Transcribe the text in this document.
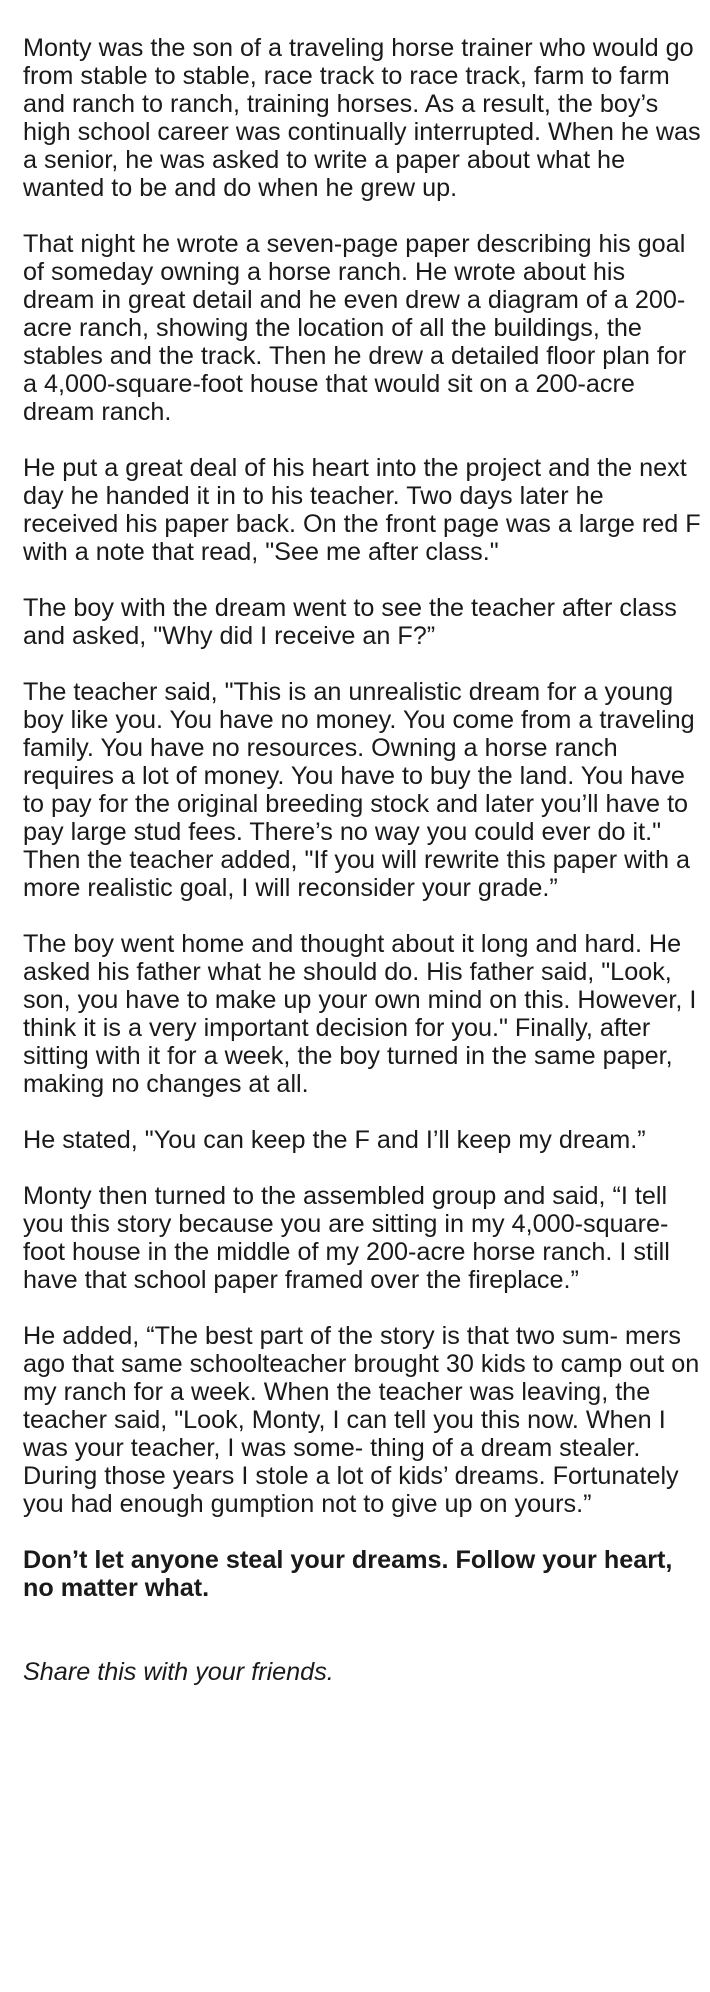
Monty was the son of a traveling horse trainer who would go from stable to stable, race track to race track, farm to farm and ranch to ranch, training horses. As a result, the boy’s high school career was continually interrupted. When he was a senior, he was asked to write a paper about what he wanted to be and do when he grew up.

That night he wrote a seven-page paper describing his goal of someday owning a horse ranch. He wrote about his dream in great detail and he even drew a diagram of a 200-acre ranch, showing the location of all the buildings, the stables and the track. Then he drew a detailed floor plan for a 4,000-square-foot house that would sit on a 200-acre dream ranch.

He put a great deal of his heart into the project and the next day he handed it in to his teacher. Two days later he received his paper back. On the front page was a large red F with a note that read, "See me after class."

The boy with the dream went to see the teacher after class and asked, "Why did I receive an F?”

The teacher said, "This is an unrealistic dream for a young boy like you. You have no money. You come from a traveling family. You have no resources. Owning a horse ranch requires a lot of money. You have to buy the land. You have to pay for the original breeding stock and later you’ll have to pay large stud fees. There’s no way you could ever do it." Then the teacher added, "If you will rewrite this paper with a more realistic goal, I will reconsider your grade.”

The boy went home and thought about it long and hard. He asked his father what he should do. His father said, "Look, son, you have to make up your own mind on this. However, I think it is a very important decision for you." Finally, after sitting with it for a week, the boy turned in the same paper, making no changes at all.

He stated, "You can keep the F and I’ll keep my dream.”

Monty then turned to the assembled group and said, “I tell you this story because you are sitting in my 4,000-square-foot house in the middle of my 200-acre horse ranch. I still have that school paper framed over the fireplace.”

He added, “The best part of the story is that two sum- mers ago that same schoolteacher brought 30 kids to camp out on my ranch for a week. When the teacher was leaving, the teacher said, "Look, Monty, I can tell you this now. When I was your teacher, I was some- thing of a dream stealer. During those years I stole a lot of kids’ dreams. Fortunately you had enough gumption not to give up on yours.”

Don’t let anyone steal your dreams. Follow your heart, no matter what.

Share this with your friends.
